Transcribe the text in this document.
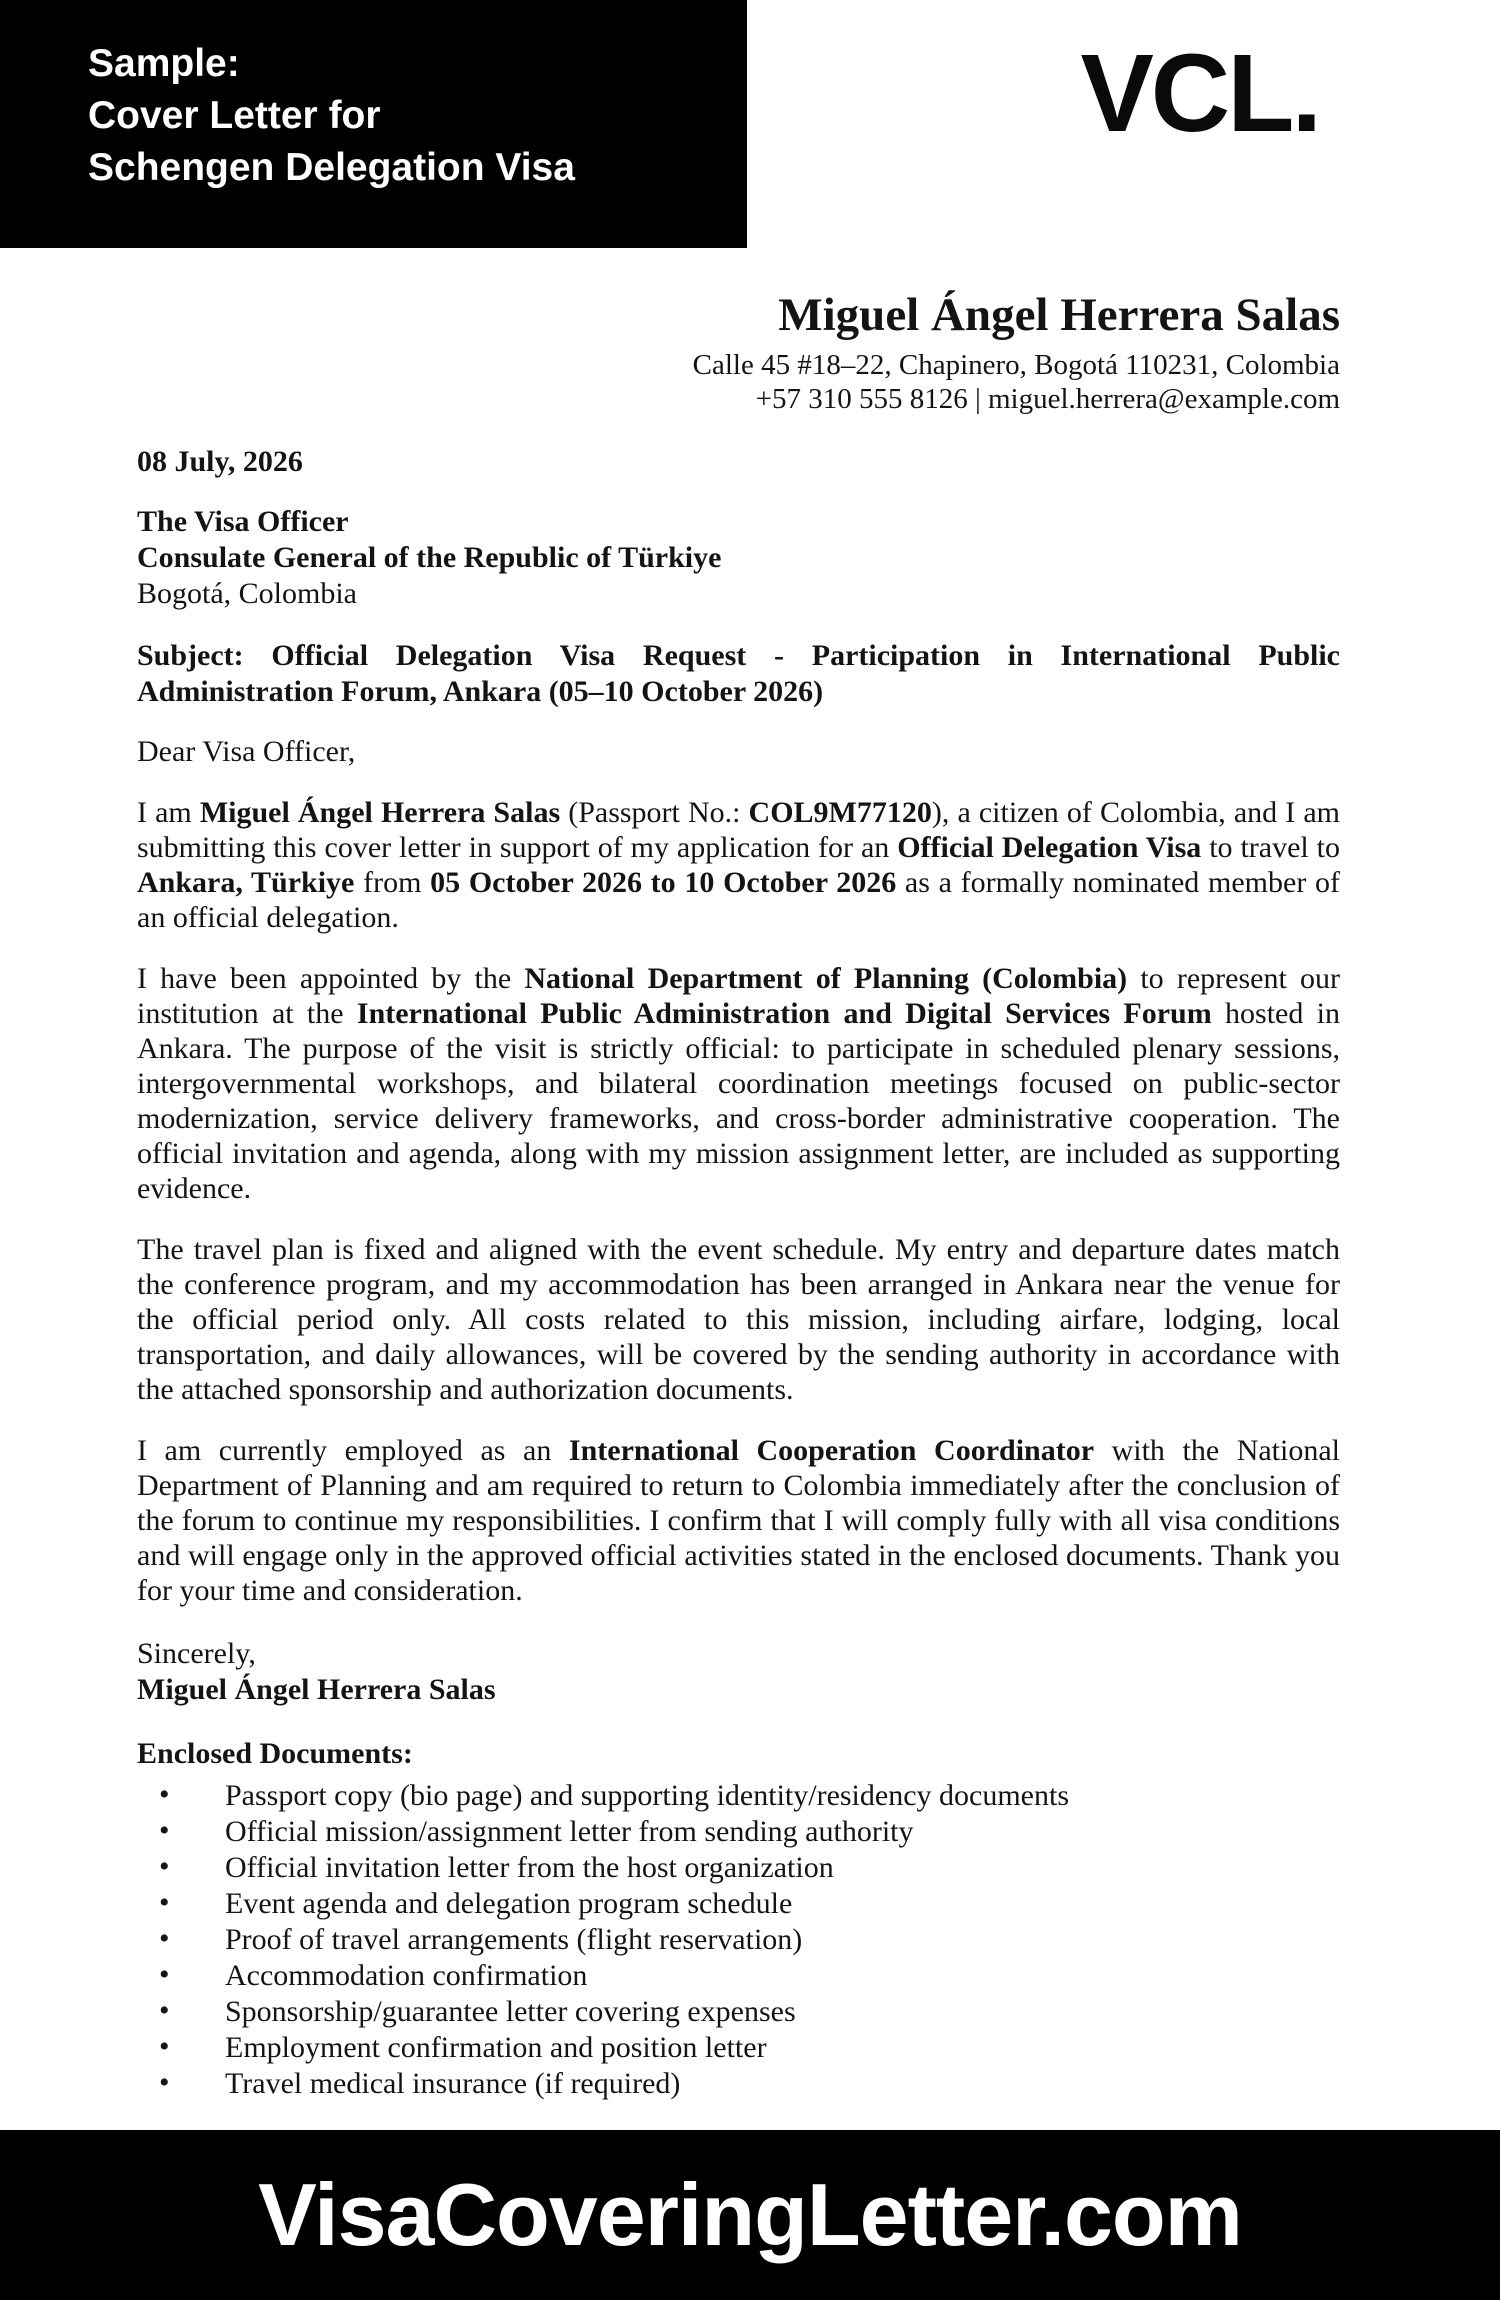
Sample:
Cover Letter for
Schengen Delegation Visa
VCL.
Miguel Ángel Herrera Salas
Calle 45 #18–22, Chapinero, Bogotá 110231, Colombia
+57 310 555 8126 | miguel.herrera@example.com
08 July, 2026
The Visa Officer
Consulate General of the Republic of Türkiye
Bogotá, Colombia
Subject: Official Delegation Visa Request - Participation in International Public Administration Forum, Ankara (05–10 October 2026)
Dear Visa Officer,

I am Miguel Ángel Herrera Salas (Passport No.: COL9M77120), a citizen of Colombia, and I am submitting this cover letter in support of my application for an Official Delegation Visa to travel to Ankara, Türkiye from 05 October 2026 to 10 October 2026 as a formally nominated member of an official delegation.

I have been appointed by the National Department of Planning (Colombia) to represent our institution at the International Public Administration and Digital Services Forum hosted in Ankara. The purpose of the visit is strictly official: to participate in scheduled plenary sessions, intergovernmental workshops, and bilateral coordination meetings focused on public-sector modernization, service delivery frameworks, and cross-border administrative cooperation. The official invitation and agenda, along with my mission assignment letter, are included as supporting evidence.

The travel plan is fixed and aligned with the event schedule. My entry and departure dates match the conference program, and my accommodation has been arranged in Ankara near the venue for the official period only. All costs related to this mission, including airfare, lodging, local transportation, and daily allowances, will be covered by the sending authority in accordance with the attached sponsorship and authorization documents.

I am currently employed as an International Cooperation Coordinator with the National Department of Planning and am required to return to Colombia immediately after the conclusion of the forum to continue my responsibilities. I confirm that I will comply fully with all visa conditions and will engage only in the approved official activities stated in the enclosed documents. Thank you for your time and consideration.

Sincerely,
Miguel Ángel Herrera Salas
Enclosed Documents:
• Passport copy (bio page) and supporting identity/residency documents
• Official mission/assignment letter from sending authority
• Official invitation letter from the host organization
• Event agenda and delegation program schedule
• Proof of travel arrangements (flight reservation)
• Accommodation confirmation
• Sponsorship/guarantee letter covering expenses
• Employment confirmation and position letter
• Travel medical insurance (if required)
VisaCoveringLetter.com
